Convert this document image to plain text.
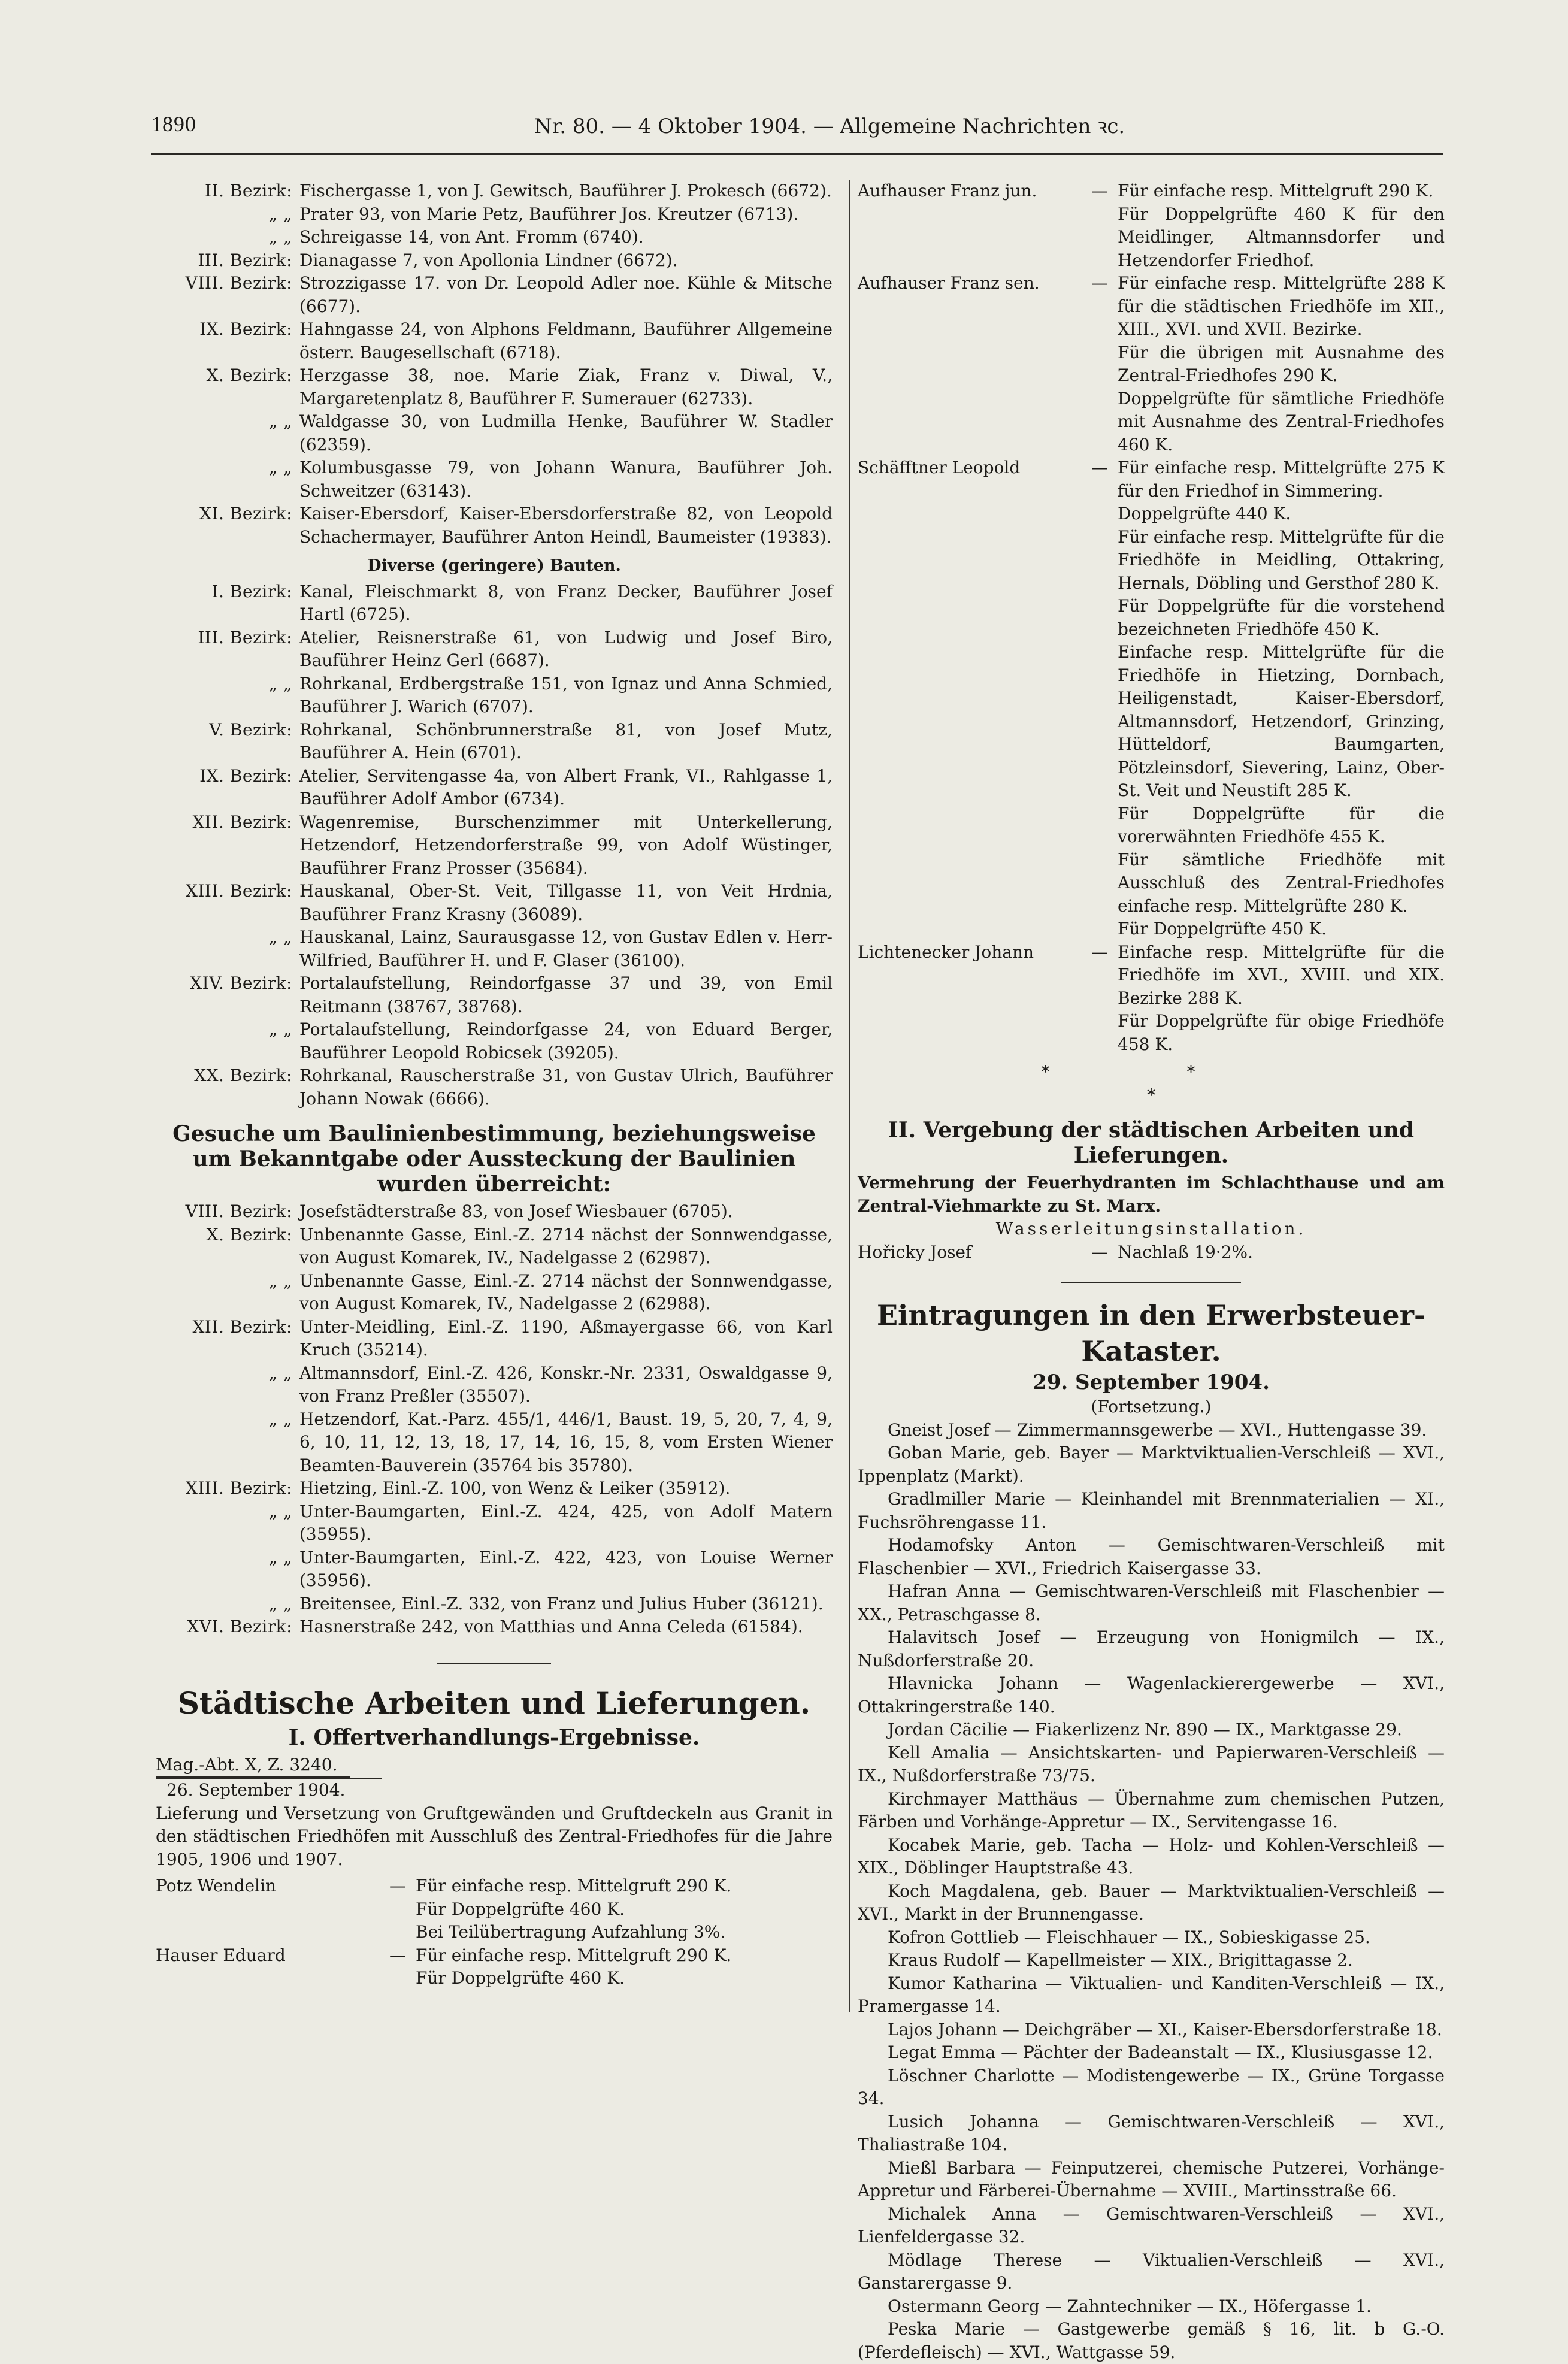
1890	Nr. 80. — 4 Oktober 1904. — Allgemeine Nachrichten ꝛc.
II. Bezirk: Fischergasse 1, von J. Gewitsch, Bauführer J. Prokesch (6672).
„ „ Prater 93, von Marie Petz, Bauführer Jos. Kreutzer (6713).
„ „ Schreigasse 14, von Ant. Fromm (6740).
III. Bezirk: Dianagasse 7, von Apollonia Lindner (6672).
VIII. Bezirk: Strozzigasse 17. von Dr. Leopold Adler noe. Kühle & Mitsche (6677).
IX. Bezirk: Hahngasse 24, von Alphons Feldmann, Bauführer Allgemeine österr. Baugesellschaft (6718).
X. Bezirk: Herzgasse 38, noe. Marie Ziak, Franz v. Diwal, V., Margaretenplatz 8, Bauführer F. Sumerauer (62733).
„ „ Waldgasse 30, von Ludmilla Henke, Bauführer W. Stadler (62359).
„ „ Kolumbusgasse 79, von Johann Wanura, Bauführer Joh. Schweitzer (63143).
XI. Bezirk: Kaiser-Ebersdorf, Kaiser-Ebersdorferstraße 82, von Leopold Schachermayer, Bauführer Anton Heindl, Baumeister (19383).
Diverse (geringere) Bauten.
I. Bezirk: Kanal, Fleischmarkt 8, von Franz Decker, Bauführer Josef Hartl (6725).
III. Bezirk: Atelier, Reisnerstraße 61, von Ludwig und Josef Biro, Bauführer Heinz Gerl (6687).
„ „ Rohrkanal, Erdbergstraße 151, von Ignaz und Anna Schmied, Bauführer J. Warich (6707).
V. Bezirk: Rohrkanal, Schönbrunnerstraße 81, von Josef Mutz, Bauführer A. Hein (6701).
IX. Bezirk: Atelier, Servitengasse 4a, von Albert Frank, VI., Rahlgasse 1, Bauführer Adolf Ambor (6734).
XII. Bezirk: Wagenremise, Burschenzimmer mit Unterkellerung, Hetzendorf, Hetzendorferstraße 99, von Adolf Wüstinger, Bauführer Franz Prosser (35684).
XIII. Bezirk: Hauskanal, Ober-St. Veit, Tillgasse 11, von Veit Hrdnia, Bauführer Franz Krasny (36089).
„ „ Hauskanal, Lainz, Saurausgasse 12, von Gustav Edlen v. Herr-Wilfried, Bauführer H. und F. Glaser (36100).
XIV. Bezirk: Portalaufstellung, Reindorfgasse 37 und 39, von Emil Reitmann (38767, 38768).
„ „ Portalaufstellung, Reindorfgasse 24, von Eduard Berger, Bauführer Leopold Robicsek (39205).
XX. Bezirk: Rohrkanal, Rauscherstraße 31, von Gustav Ulrich, Bauführer Johann Nowak (6666).
Gesuche um Baulinienbestimmung, beziehungsweise um Bekanntgabe oder Aussteckung der Baulinien wurden überreicht:
VIII. Bezirk: Josefstädterstraße 83, von Josef Wiesbauer (6705).
X. Bezirk: Unbenannte Gasse, Einl.-Z. 2714 nächst der Sonnwendgasse, von August Komarek, IV., Nadelgasse 2 (62987).
„ „ Unbenannte Gasse, Einl.-Z. 2714 nächst der Sonnwendgasse, von August Komarek, IV., Nadelgasse 2 (62988).
XII. Bezirk: Unter-Meidling, Einl.-Z. 1190, Aßmayergasse 66, von Karl Kruch (35214).
„ „ Altmannsdorf, Einl.-Z. 426, Konskr.-Nr. 2331, Oswaldgasse 9, von Franz Preßler (35507).
„ „ Hetzendorf, Kat.-Parz. 455/1, 446/1, Baust. 19, 5, 20, 7, 4, 9, 6, 10, 11, 12, 13, 18, 17, 14, 16, 15, 8, vom Ersten Wiener Beamten-Bauverein (35764 bis 35780).
XIII. Bezirk: Hietzing, Einl.-Z. 100, von Wenz & Leiker (35912).
„ „ Unter-Baumgarten, Einl.-Z. 424, 425, von Adolf Matern (35955).
„ „ Unter-Baumgarten, Einl.-Z. 422, 423, von Louise Werner (35956).
„ „ Breitensee, Einl.-Z. 332, von Franz und Julius Huber (36121).
XVI. Bezirk: Hasnerstraße 242, von Matthias und Anna Celeda (61584).
Städtische Arbeiten und Lieferungen.
I. Offertverhandlungs-Ergebnisse.
Mag.-Abt. X, Z. 3240.
26. September 1904.
Lieferung und Versetzung von Gruftgewänden und Gruftdeckeln aus Granit in den städtischen Friedhöfen mit Ausschluß des Zentral-Friedhofes für die Jahre 1905, 1906 und 1907.
Potz Wendelin	— Für einfache resp. Mittelgruft 290 K.
Für Doppelgrüfte 460 K.
Bei Teilübertragung Aufzahlung 3%.
Hauser Eduard	— Für einfache resp. Mittelgruft 290 K.
Für Doppelgrüfte 460 K.
Aufhauser Franz jun.	— Für einfache resp. Mittelgruft 290 K.
Für Doppelgrüfte 460 K für den Meidlinger, Altmannsdorfer und Hetzendorfer Friedhof.
Aufhauser Franz sen.	— Für einfache resp. Mittelgrüfte 288 K für die städtischen Friedhöfe im XII., XIII., XVI. und XVII. Bezirke.
Für die übrigen mit Ausnahme des Zentral-Friedhofes 290 K.
Doppelgrüfte für sämtliche Friedhöfe mit Ausnahme des Zentral-Friedhofes 460 K.
Schäfftner Leopold	— Für einfache resp. Mittelgrüfte 275 K für den Friedhof in Simmering.
Doppelgrüfte 440 K.
Für einfache resp. Mittelgrüfte für die Friedhöfe in Meidling, Ottakring, Hernals, Döbling und Gersthof 280 K.
Für Doppelgrüfte für die vorstehend bezeichneten Friedhöfe 450 K.
Einfache resp. Mittelgrüfte für die Friedhöfe in Hietzing, Dornbach, Heiligenstadt, Kaiser-Ebersdorf, Altmannsdorf, Hetzendorf, Grinzing, Hütteldorf, Baumgarten, Pötzleinsdorf, Sievering, Lainz, Ober-St. Veit und Neustift 285 K.
Für Doppelgrüfte für die vorerwähnten Friedhöfe 455 K.
Für sämtliche Friedhöfe mit Ausschluß des Zentral-Friedhofes einfache resp. Mittelgrüfte 280 K.
Für Doppelgrüfte 450 K.
Lichtenecker Johann	— Einfache resp. Mittelgrüfte für die Friedhöfe im XVI., XVIII. und XIX. Bezirke 288 K.
Für Doppelgrüfte für obige Friedhöfe 458 K.
* *
*
II. Vergebung der städtischen Arbeiten und Lieferungen.
Vermehrung der Feuerhydranten im Schlachthause und am Zentral-Viehmarkte zu St. Marx.
Wasserleitungsinstallation.
Hořicky Josef	— Nachlaß 19·2%.
Eintragungen in den Erwerbsteuer-Kataster.
29. September 1904.
(Fortsetzung.)
Gneist Josef — Zimmermannsgewerbe — XVI., Huttengasse 39.
Goban Marie, geb. Bayer — Marktviktualien-Verschleiß — XVI., Ippenplatz (Markt).
Gradlmiller Marie — Kleinhandel mit Brennmaterialien — XI., Fuchsröhrengasse 11.
Hodamofsky Anton — Gemischtwaren-Verschleiß mit Flaschenbier — XVI., Friedrich Kaisergasse 33.
Hafran Anna — Gemischtwaren-Verschleiß mit Flaschenbier — XX., Petraschgasse 8.
Halavitsch Josef — Erzeugung von Honigmilch — IX., Nußdorferstraße 20.
Hlavnicka Johann — Wagenlackierergewerbe — XVI., Ottakringerstraße 140.
Jordan Cäcilie — Fiakerlizenz Nr. 890 — IX., Marktgasse 29.
Kell Amalia — Ansichtskarten- und Papierwaren-Verschleiß — IX., Nußdorferstraße 73/75.
Kirchmayer Matthäus — Übernahme zum chemischen Putzen, Färben und Vorhänge-Appretur — IX., Servitengasse 16.
Kocabek Marie, geb. Tacha — Holz- und Kohlen-Verschleiß — XIX., Döblinger Hauptstraße 43.
Koch Magdalena, geb. Bauer — Marktviktualien-Verschleiß — XVI., Markt in der Brunnengasse.
Kofron Gottlieb — Fleischhauer — IX., Sobieskigasse 25.
Kraus Rudolf — Kapellmeister — XIX., Brigittagasse 2.
Kumor Katharina — Viktualien- und Kanditen-Verschleiß — IX., Pramergasse 14.
Lajos Johann — Deichgräber — XI., Kaiser-Ebersdorferstraße 18.
Legat Emma — Pächter der Badeanstalt — IX., Klusiusgasse 12.
Löschner Charlotte — Modistengewerbe — IX., Grüne Torgasse 34.
Lusich Johanna — Gemischtwaren-Verschleiß — XVI., Thaliastraße 104.
Mießl Barbara — Feinputzerei, chemische Putzerei, Vorhänge-Appretur und Färberei-Übernahme — XVIII., Martinsstraße 66.
Michalek Anna — Gemischtwaren-Verschleiß — XVI., Lienfeldergasse 32.
Mödlage Therese — Viktualien-Verschleiß — XVI., Ganstarergasse 9.
Ostermann Georg — Zahntechniker — IX., Höfergasse 1.
Peska Marie — Gastgewerbe gemäß § 16, lit. b G.-O. (Pferdefleisch) — XVI., Wattgasse 59.
